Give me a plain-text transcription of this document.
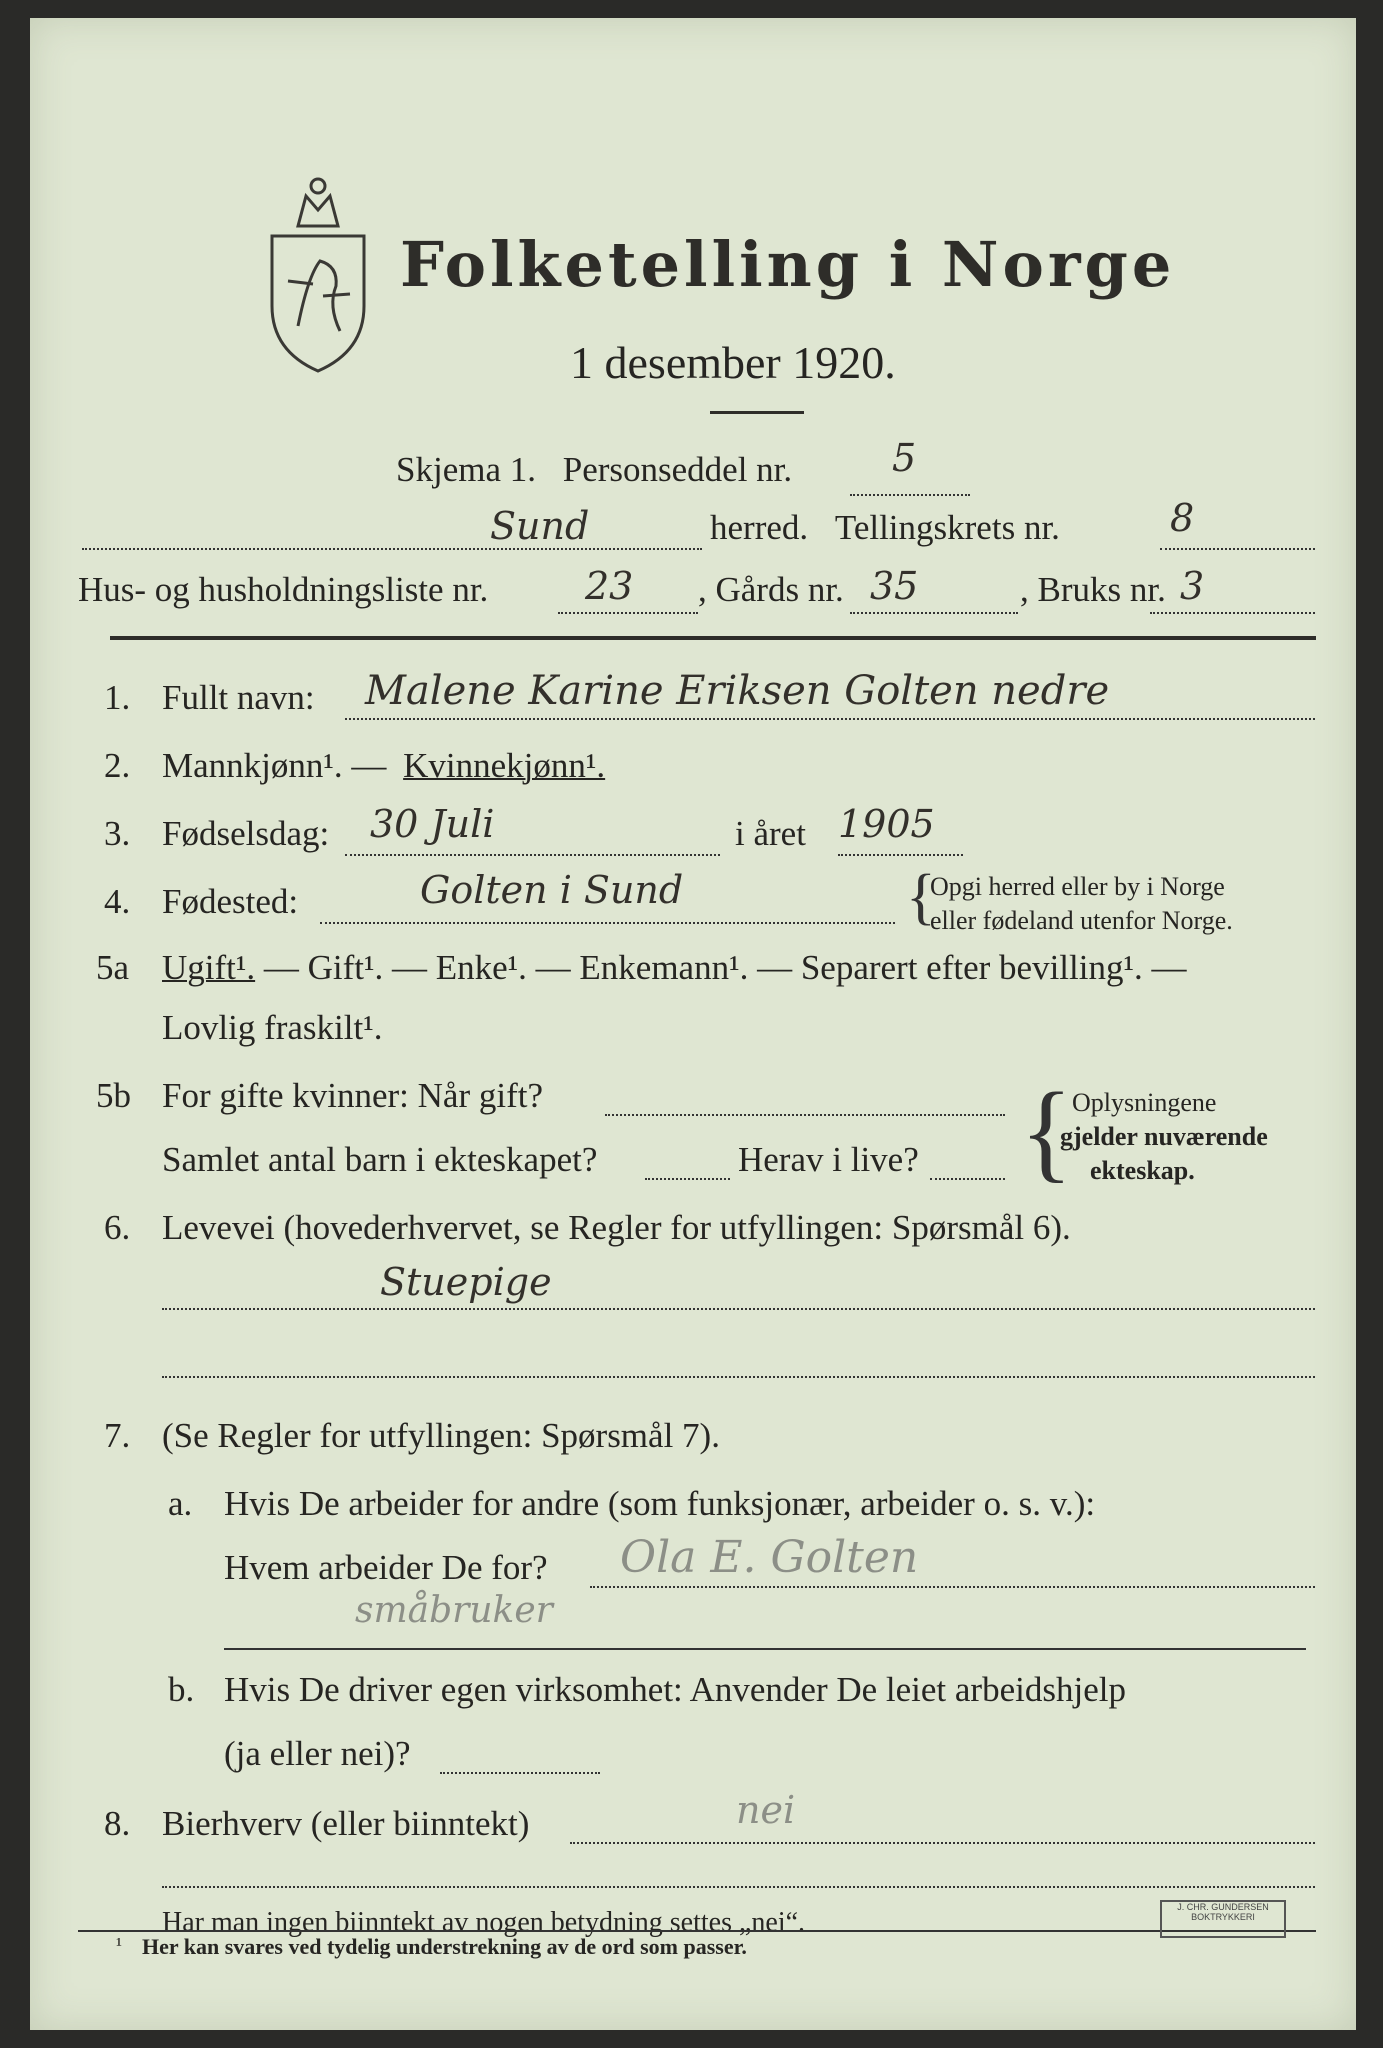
Folketelling i Norge
1 desember 1920.
Skjema 1. Personseddel nr.	5
Sund	herred. Tellingskrets nr.	8
Hus- og husholdningsliste nr.	23 , Gårds nr. 35	, Bruks nr. 3
1. Fullt navn: Malene Karine Eriksen Golten nedre
2. Mannkjønn¹. — Kvinnekjønn¹.
3. Fødselsdag: 30 Juli	i året 1905
4. Fødested:	Golten i Sund	{
Opgi herred eller by i Norge
eller fødeland utenfor Norge.
5a Ugift¹. — Gift¹. — Enke¹. — Enkemann¹. — Separert efter bevilling¹. —
Lovlig fraskilt¹.
5b For gifte kvinner: Når gift?
Samlet antal barn i ekteskapet?	Herav i live? { Oplysningene
gjelder nuværende
ekteskap.
6. Levevei (hovederhvervet, se Regler for utfyllingen: Spørsmål 6).
Stuepige
7. (Se Regler for utfyllingen: Spørsmål 7).
a. Hvis De arbeider for andre (som funksjonær, arbeider o. s. v.):
Hvem arbeider De for? Ola E. Golten
småbruker
b. Hvis De driver egen virksomhet: Anvender De leiet arbeidshjelp
(ja eller nei)?
8. Bierhverv (eller biinntekt)	nei
Har man ingen biinntekt av nogen betydning settes „nei“.
¹ Her kan svares ved tydelig understrekning av de ord som passer.
J. CHR. GUNDERSEN BOKTRYKKERI
